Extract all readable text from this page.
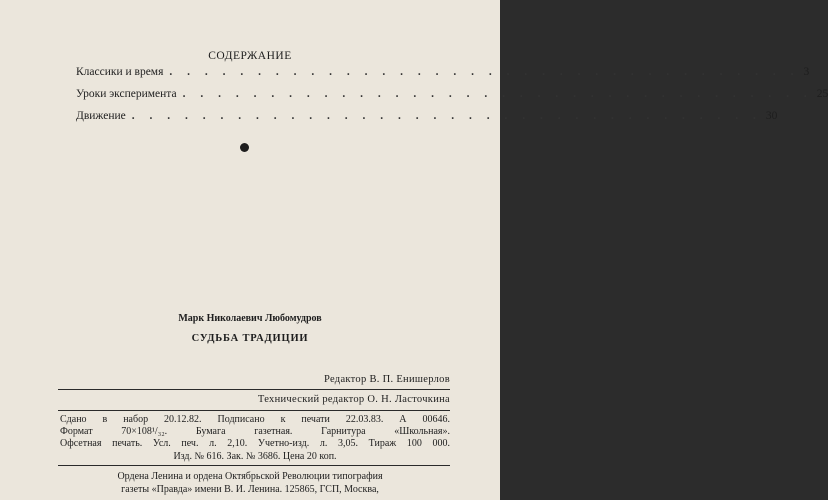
СОДЕРЖАНИЕ
Классики и время . . . . . . . . . . . . . . . . . . . . . . . . . . . . . . . . . . . . 3
Уроки эксперимента . . . . . . . . . . . . . . . . . . . . . . . . . . . . . . . . . . . . 25
Движение . . . . . . . . . . . . . . . . . . . . . . . . . . . . . . . . . . . . 30
Марк Николаевич Любомудров
СУДЬБА ТРАДИЦИИ
Редактор В. П. Енишерлов
Технический редактор О. Н. Ласточкина
Сдано в набор 20.12.82. Подписано к печати 22.03.83. А 00646.
Формат 70×108¹/₃₂. Бумага газетная. Гарнитура «Школьная».
Офсетная печать. Усл. печ. л. 2,10. Учетно-изд. л. 3,05. Тираж 100 000.
Изд. № 616. Зак. № 3686. Цена 20 коп.
Ордена Ленина и ордена Октябрьской Революции типография
газеты «Правда» имени В. И. Ленина. 125865, ГСП, Москва,
